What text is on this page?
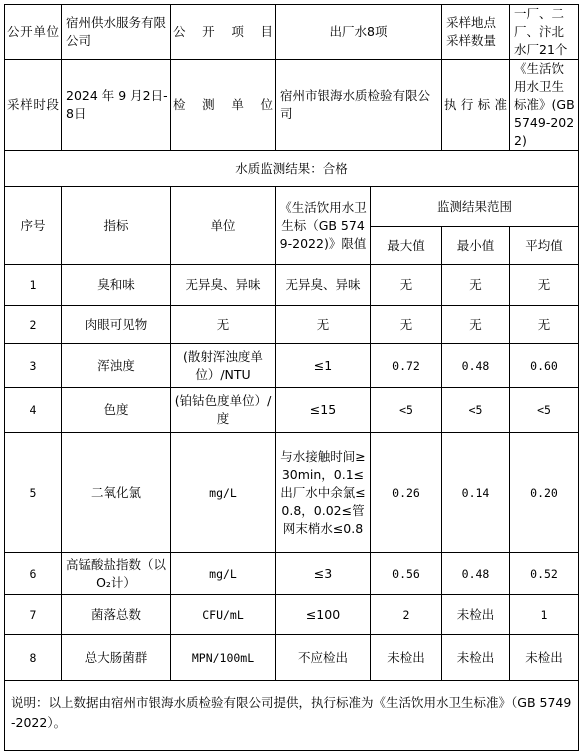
公开单位	宿州供水服务有限公司	公开项目	出厂水8项		采样地点采样数量	一厂、二厂、汴北水厂21个
采样时段	2024 年 9 月2日-8日	检测单位	宿州市银海水质检验有限公司		执行标准	《生活饮用水卫生标准》(GB 5749-2022)
水质监测结果：合格						
序号	指标	单位	《生活饮用水卫生标（GB 5749-2022)》限值	监测结果范围		
				最大值	最小值	平均值
1	臭和味	无异臭、异味	无异臭、异味	无	无	无
2	肉眼可见物	无	无	无	无	无
3	浑浊度	(散射浑浊度单位）/NTU	≤1	0.72	0.48	0.60
4	色度	(铂钴色度单位）/度	≤15	<5	<5	<5
5	二氧化氯	mg/L	与水接触时间≥30min，0.1≤出厂水中余氯≤0.8，0.02≤管网末梢水≤0.8	0.26	0.14	0.20
6	高锰酸盐指数（以O₂计）	mg/L	≤3	0.56	0.48	0.52
7	菌落总数	CFU/mL	≤100	2	未检出	1
8	总大肠菌群	MPN/100mL	不应检出	未检出	未检出	未检出
说明：以上数据由宿州市银海水质检验有限公司提供，执行标准为《生活饮用水卫生标准》（GB 5749-2022）。						
